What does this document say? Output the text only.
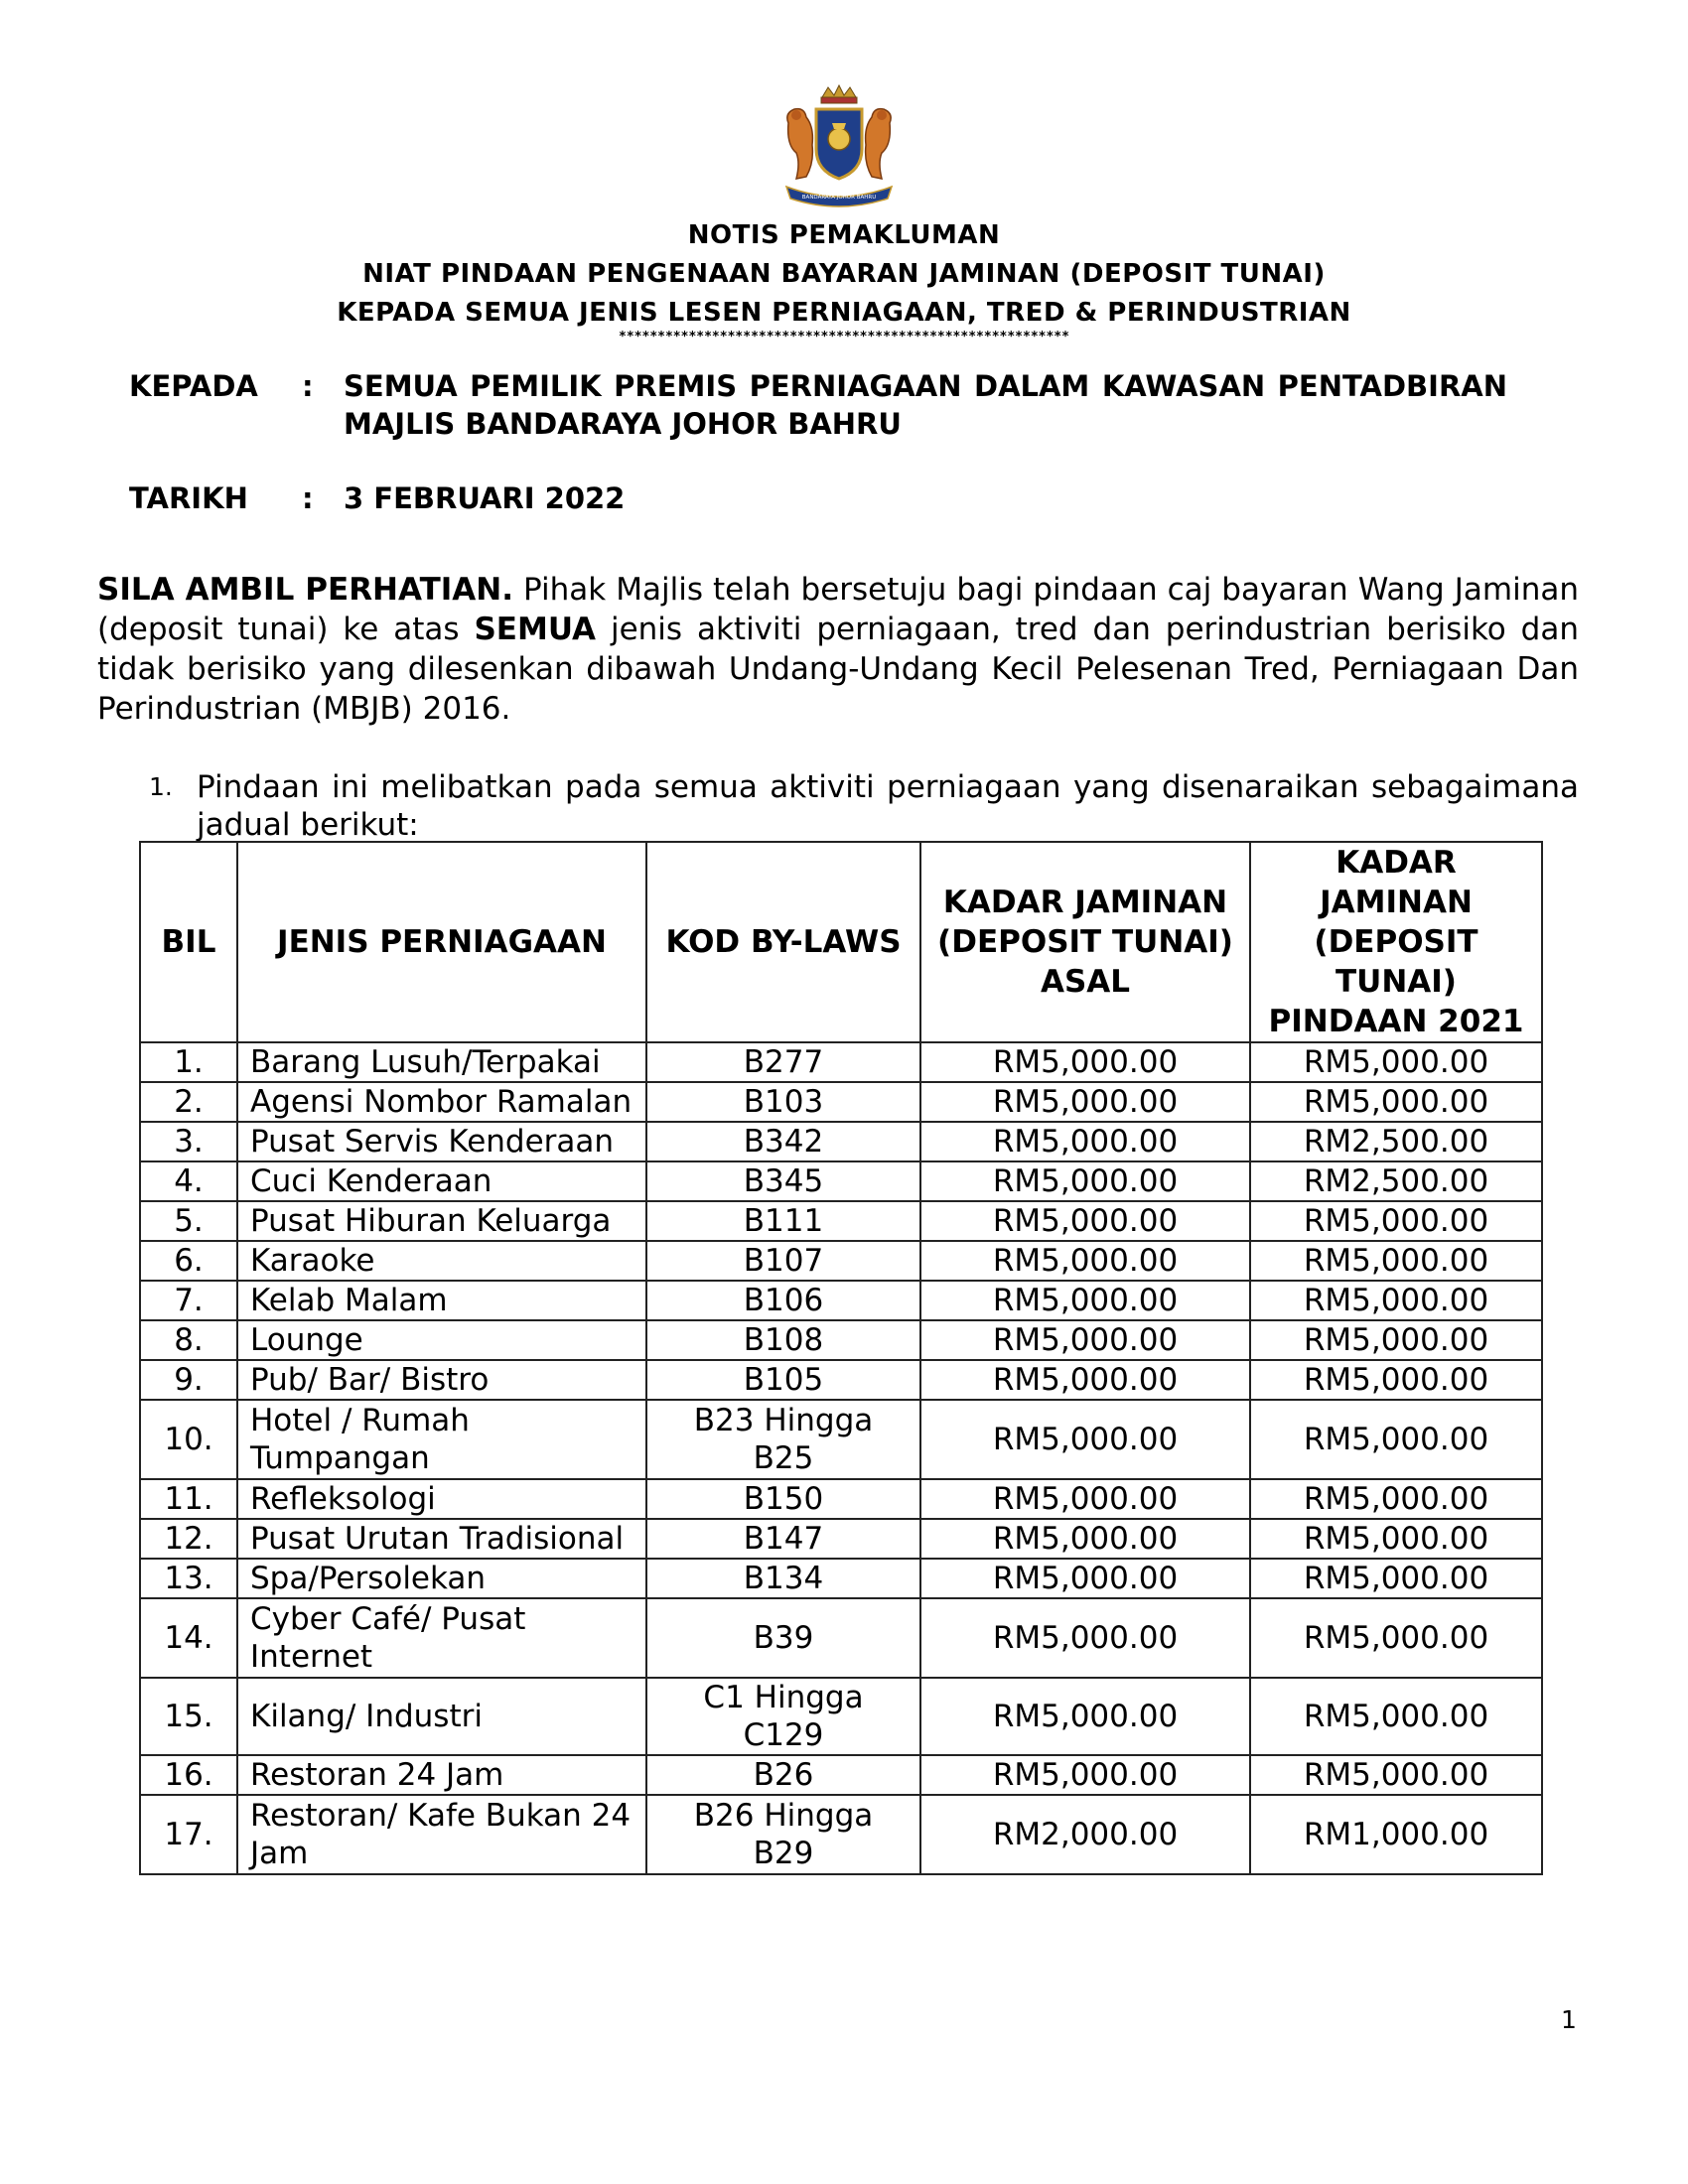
BANDARAYA JOHOR BAHRU
NOTIS PEMAKLUMAN
NIAT PINDAAN PENGENAAN BAYARAN JAMINAN (DEPOSIT TUNAI)
KEPADA SEMUA JENIS LESEN PERNIAGAAN, TRED & PERINDUSTRIAN
**********************************************************
KEPADA : SEMUA PEMILIK PREMIS PERNIAGAAN DALAM KAWASAN PENTADBIRAN
MAJLIS BANDARAYA JOHOR BAHRU
TARIKH : 3 FEBRUARI 2022
SILA AMBIL PERHATIAN. Pihak Majlis telah bersetuju bagi pindaan caj bayaran Wang Jaminan (deposit tunai) ke atas SEMUA jenis aktiviti perniagaan, tred dan perindustrian berisiko dan tidak berisiko yang dilesenkan dibawah Undang-Undang Kecil Pelesenan Tred, Perniagaan Dan Perindustrian (MBJB) 2016.
1. Pindaan ini melibatkan pada semua aktiviti perniagaan yang disenaraikan sebagaimana jadual berikut:
BIL	JENIS PERNIAGAAN	KOD BY-LAWS	KADAR JAMINAN (DEPOSIT TUNAI) ASAL	KADAR JAMINAN (DEPOSIT TUNAI) PINDAAN 2021
1.	Barang Lusuh/Terpakai	B277	RM5,000.00	RM5,000.00
2.	Agensi Nombor Ramalan	B103	RM5,000.00	RM5,000.00
3.	Pusat Servis Kenderaan	B342	RM5,000.00	RM2,500.00
4.	Cuci Kenderaan	B345	RM5,000.00	RM2,500.00
5.	Pusat Hiburan Keluarga	B111	RM5,000.00	RM5,000.00
6.	Karaoke	B107	RM5,000.00	RM5,000.00
7.	Kelab Malam	B106	RM5,000.00	RM5,000.00
8.	Lounge	B108	RM5,000.00	RM5,000.00
9.	Pub/ Bar/ Bistro	B105	RM5,000.00	RM5,000.00
10.	Hotel / Rumah Tumpangan	B23 Hingga B25	RM5,000.00	RM5,000.00
11.	Refleksologi	B150	RM5,000.00	RM5,000.00
12.	Pusat Urutan Tradisional	B147	RM5,000.00	RM5,000.00
13.	Spa/Persolekan	B134	RM5,000.00	RM5,000.00
14.	Cyber Café/ Pusat Internet	B39	RM5,000.00	RM5,000.00
15.	Kilang/ Industri	C1 Hingga C129	RM5,000.00	RM5,000.00
16.	Restoran 24 Jam	B26	RM5,000.00	RM5,000.00
17.	Restoran/ Kafe Bukan 24 Jam	B26 Hingga B29	RM2,000.00	RM1,000.00
1
